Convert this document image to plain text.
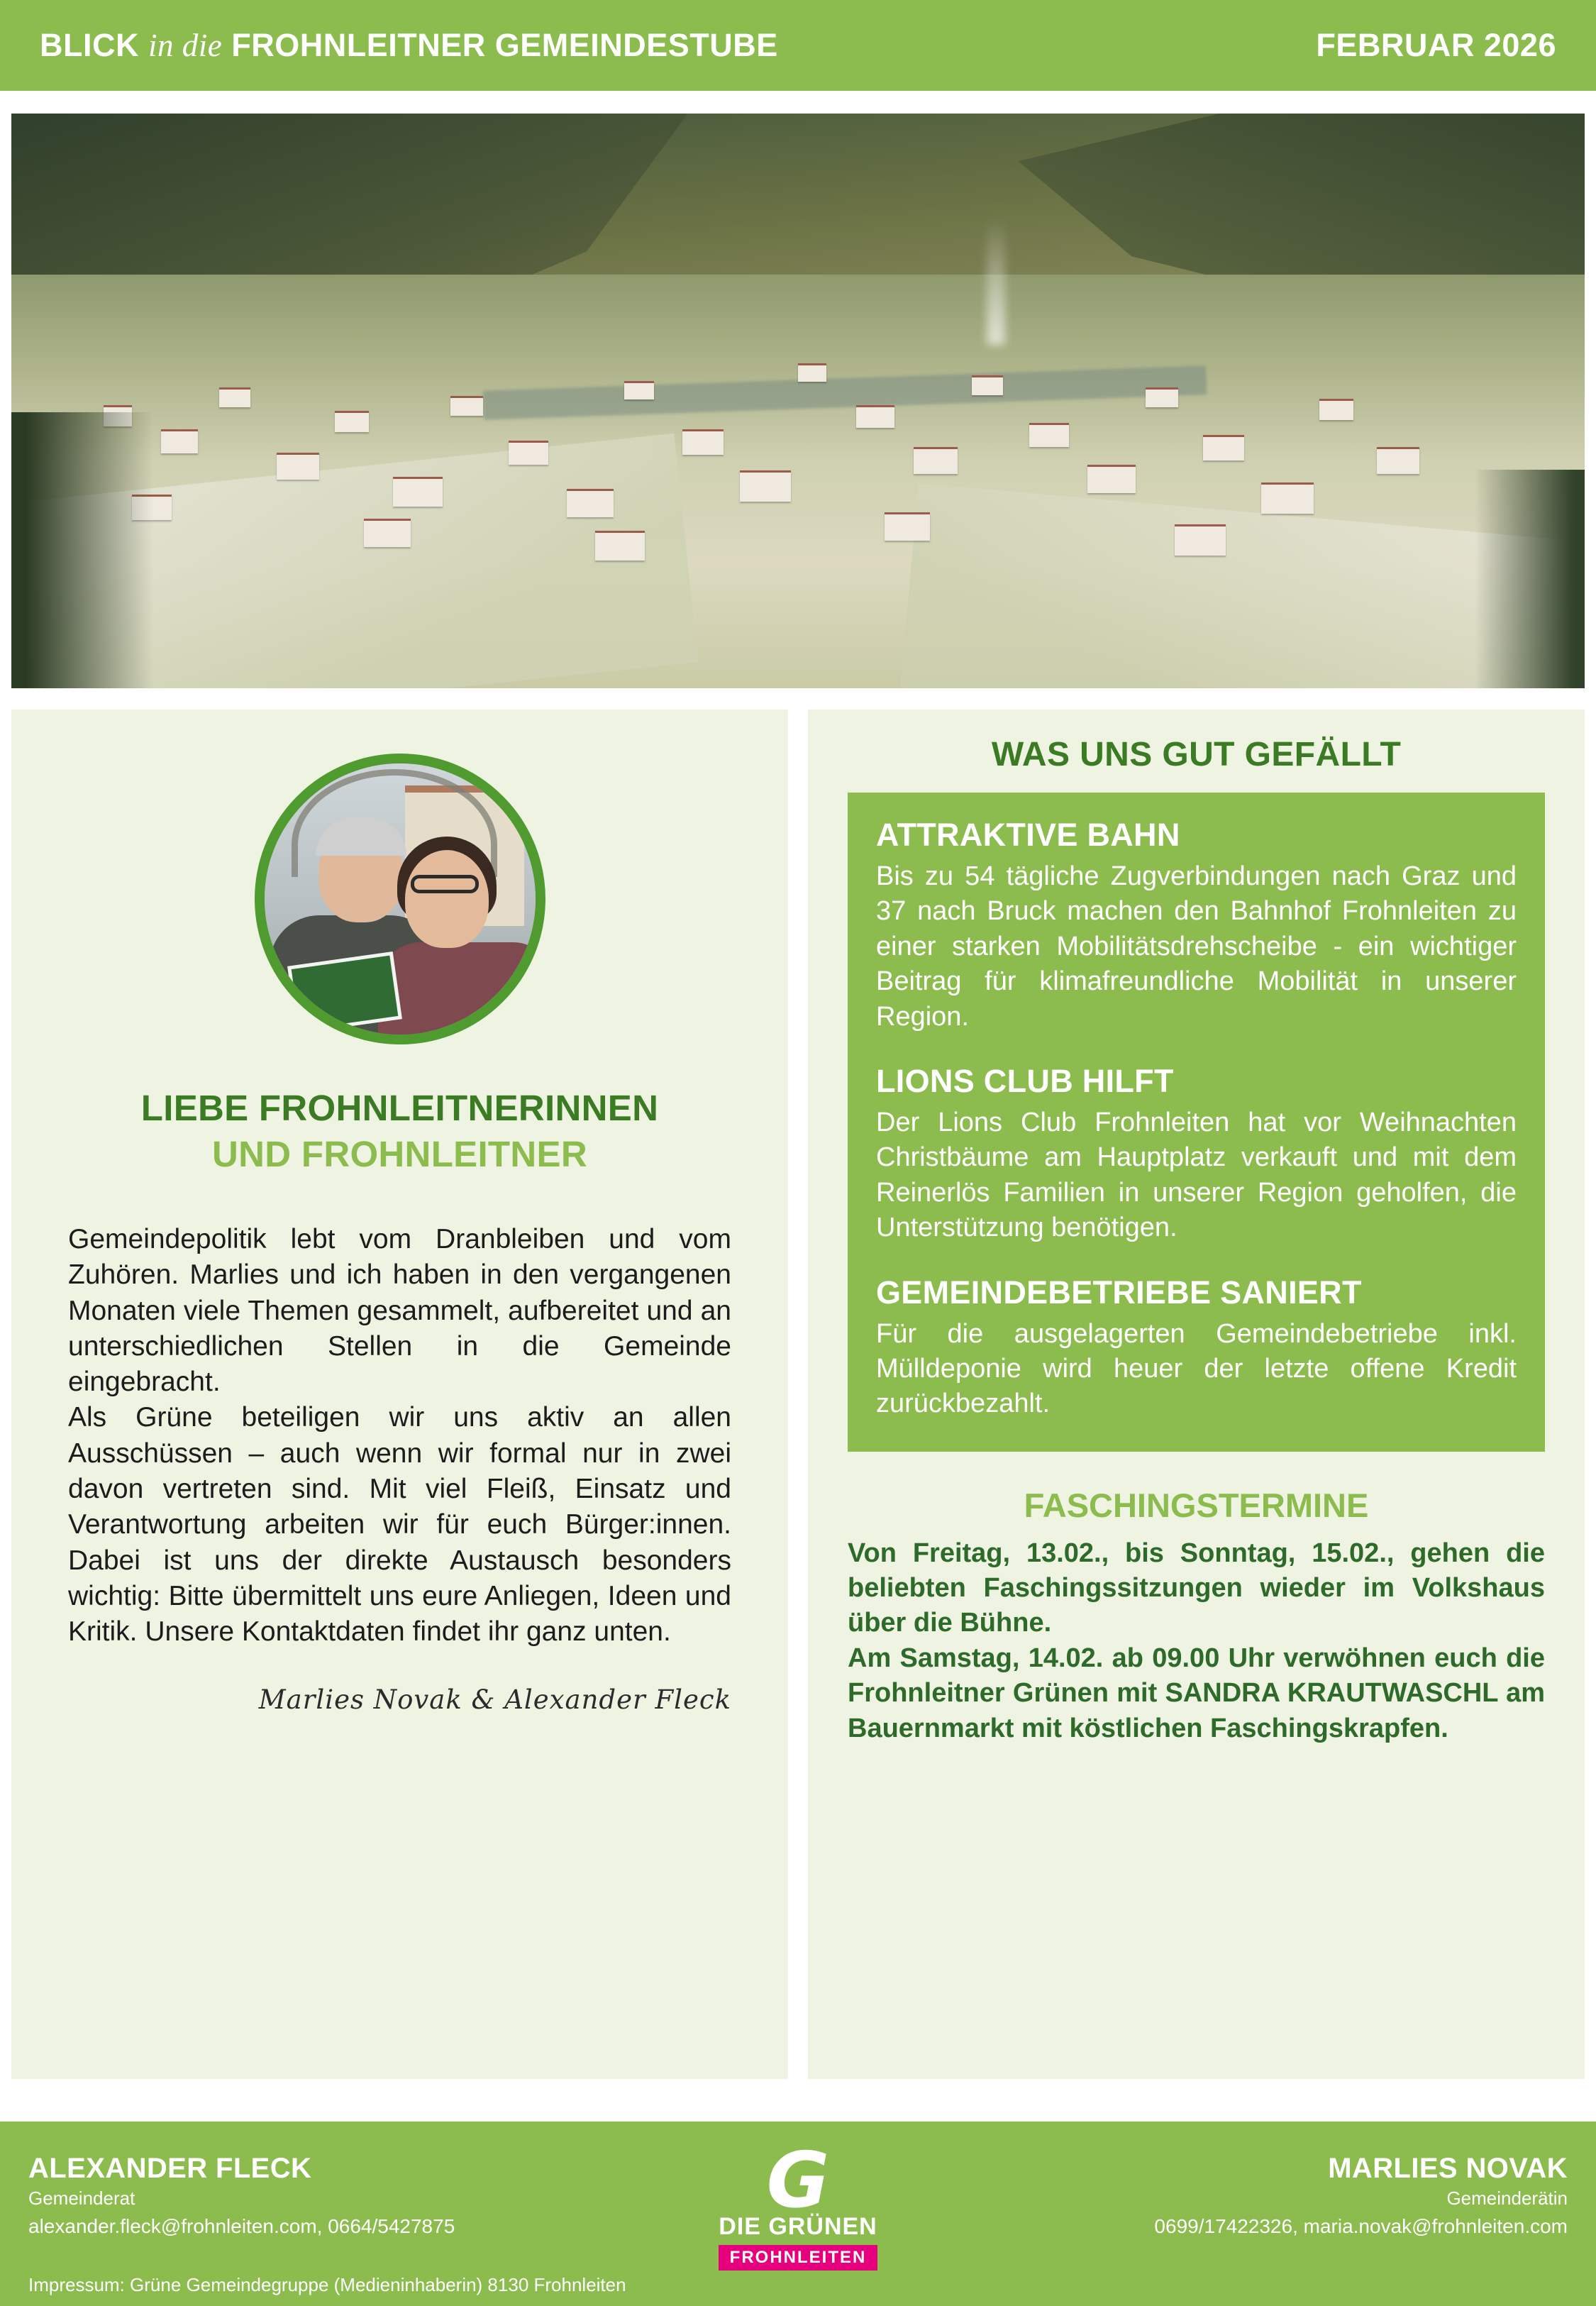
BLICK in die FROHNLEITNER GEMEINDESTUBE	FEBRUAR 2026
LIEBE FROHNLEITNERINNEN
UND FROHNLEITNER

Gemeindepolitik lebt vom Dranbleiben und vom Zuhören. Marlies und ich haben in den vergangenen Monaten viele Themen gesammelt, aufbereitet und an unterschiedlichen Stellen in die Gemeinde eingebracht.

Als Grüne beteiligen wir uns aktiv an allen Ausschüssen – auch wenn wir formal nur in zwei davon vertreten sind. Mit viel Fleiß, Einsatz und Verantwortung arbeiten wir für euch Bürger:innen. Dabei ist uns der direkte Austausch besonders wichtig: Bitte übermittelt uns eure Anliegen, Ideen und Kritik. Unsere Kontaktdaten findet ihr ganz unten.

Marlies Novak & Alexander Fleck
WAS UNS GUT GEFÄLLT
ATTRAKTIVE BAHN
Bis zu 54 tägliche Zugverbindungen nach Graz und 37 nach Bruck machen den Bahnhof Frohnleiten zu einer starken Mobilitätsdrehscheibe - ein wichtiger Beitrag für klimafreundliche Mobilität in unserer Region.
LIONS CLUB HILFT
Der Lions Club Frohnleiten hat vor Weihnachten Christbäume am Hauptplatz verkauft und mit dem Reinerlös Familien in unserer Region geholfen, die Unterstützung benötigen.
GEMEINDEBETRIEBE SANIERT
Für die ausgelagerten Gemeindebetriebe inkl. Mülldeponie wird heuer der letzte offene Kredit zurückbezahlt.
FASCHINGSTERMINE
Von Freitag, 13.02., bis Sonntag, 15.02., gehen die beliebten Faschingssitzungen wieder im Volkshaus über die Bühne.
Am Samstag, 14.02. ab 09.00 Uhr verwöhnen euch die Frohnleitner Grünen mit SANDRA KRAUTWASCHL am Bauernmarkt mit köstlichen Faschingskrapfen.
ALEXANDER FLECK
Gemeinderat
alexander.fleck@frohnleiten.com, 0664/5427875
G
DIE GRÜNEN
FROHNLEITEN
MARLIES NOVAK
Gemeinderätin
0699/17422326, maria.novak@frohnleiten.com
Impressum: Grüne Gemeindegruppe (Medieninhaberin) 8130 Frohnleiten
